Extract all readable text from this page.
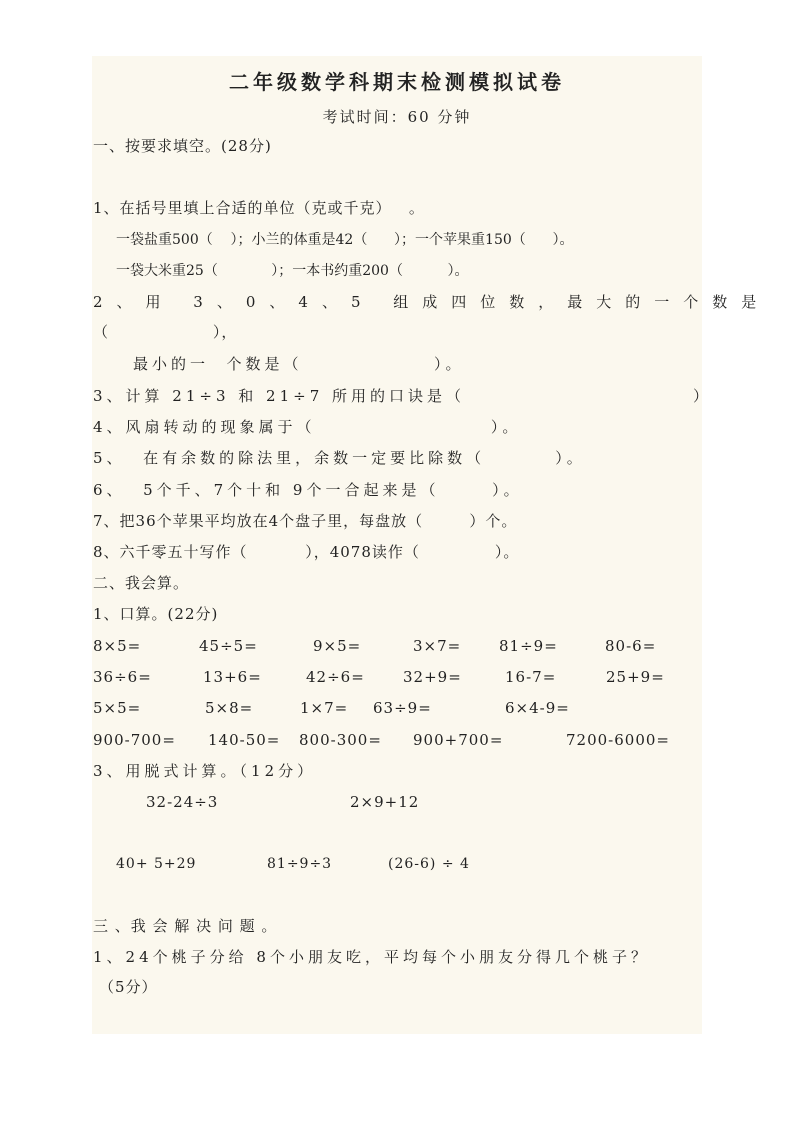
二年级数学科期末检测模拟试卷
考试时间：60 分钟
一、按要求填空。(28分)
1、在括号里填上合适的单位（克或千克）   。
一袋盐重500（    ）；小兰的体重是42（      ）；一个苹果重150（      ）。
一袋大米重25（            ）；一本书约重200（          ）。
2、用 3、0、4、5 组成四位数，最大的一个数是
（                  ），
最小的一  个数是（               ）。
3、计算 21÷3 和 21÷7 所用的口诀是（                          ）
4、风扇转动的现象属于（                    ）。
5、  在有余数的除法里，余数一定要比除数（        ）。
6、  5个千、7个十和 9个一合起来是（      ）。
7、把36个苹果平均放在4个盘子里，每盘放（        ）个。
8、六千零五十写作（          ），4078读作（             ）。
二、我会算。
1、口算。(22分)
8×5=	45÷5=	9×5=	3×7=	81÷9=	80-6=
36÷6=	13+6=	42÷6=	32+9=	16-7=	25+9=
5×5=	5×8=	1×7= 63÷9=	6×4-9=
900-700= 140-50= 800-300= 900+700=	7200-6000=
3、用脱式计算。（12分）
32-24÷3	2×9+12
40+ 5+29	81÷9÷3	(26-6) ÷ 4
三 、我 会 解 决 问 题 。
1、24个桃子分给 8个小朋友吃，平均每个小朋友分得几个桃子？
（5分）
